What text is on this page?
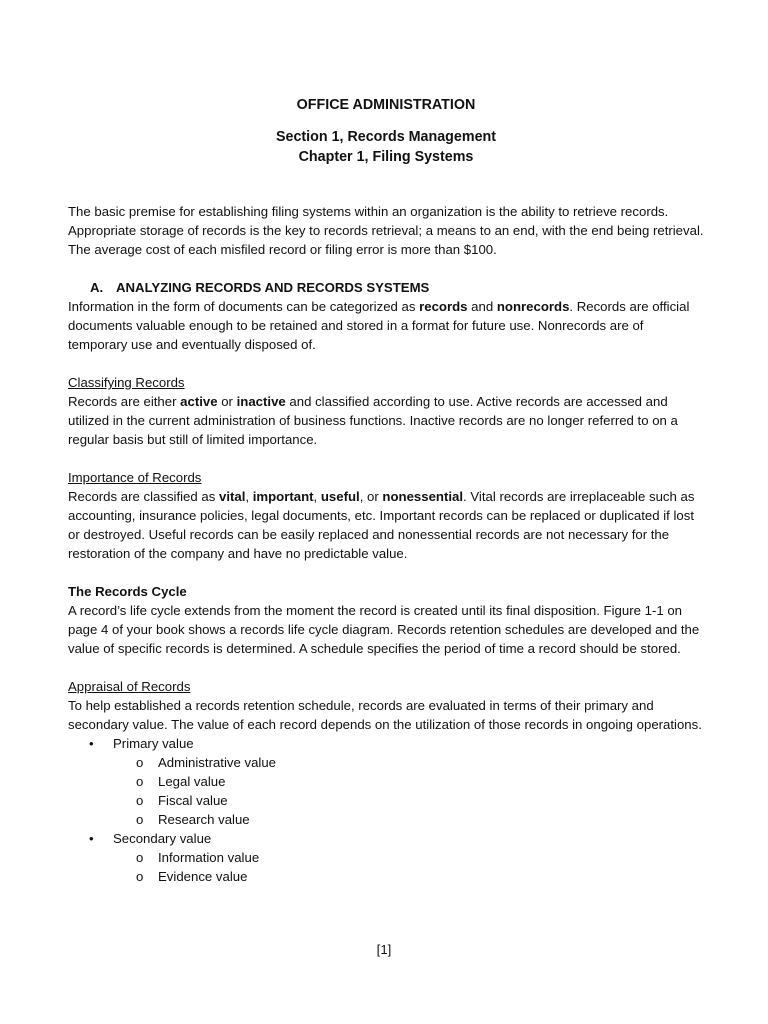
OFFICE ADMINISTRATION

Section 1, Records Management

Chapter 1, Filing Systems

The basic premise for establishing filing systems within an organization is the ability to retrieve records. Appropriate storage of records is the key to records retrieval; a means to an end, with the end being retrieval. The average cost of each misfiled record or filing error is more than $100.

A. ANALYZING RECORDS AND RECORDS SYSTEMS

Information in the form of documents can be categorized as records and nonrecords. Records are official documents valuable enough to be retained and stored in a format for future use. Nonrecords are of temporary use and eventually disposed of.

Classifying Records

Records are either active or inactive and classified according to use. Active records are accessed and utilized in the current administration of business functions. Inactive records are no longer referred to on a regular basis but still of limited importance.

Importance of Records

Records are classified as vital, important, useful, or nonessential. Vital records are irreplaceable such as accounting, insurance policies, legal documents, etc. Important records can be replaced or duplicated if lost or destroyed. Useful records can be easily replaced and nonessential records are not necessary for the restoration of the company and have no predictable value.

The Records Cycle

A record’s life cycle extends from the moment the record is created until its final disposition. Figure 1-1 on page 4 of your book shows a records life cycle diagram. Records retention schedules are developed and the value of specific records is determined. A schedule specifies the period of time a record should be stored.

Appraisal of Records

To help established a records retention schedule, records are evaluated in terms of their primary and secondary value. The value of each record depends on the utilization of those records in ongoing operations.

• Primary value
o Administrative value
o Legal value
o Fiscal value
o Research value
• Secondary value
o Information value
o Evidence value
[1]
